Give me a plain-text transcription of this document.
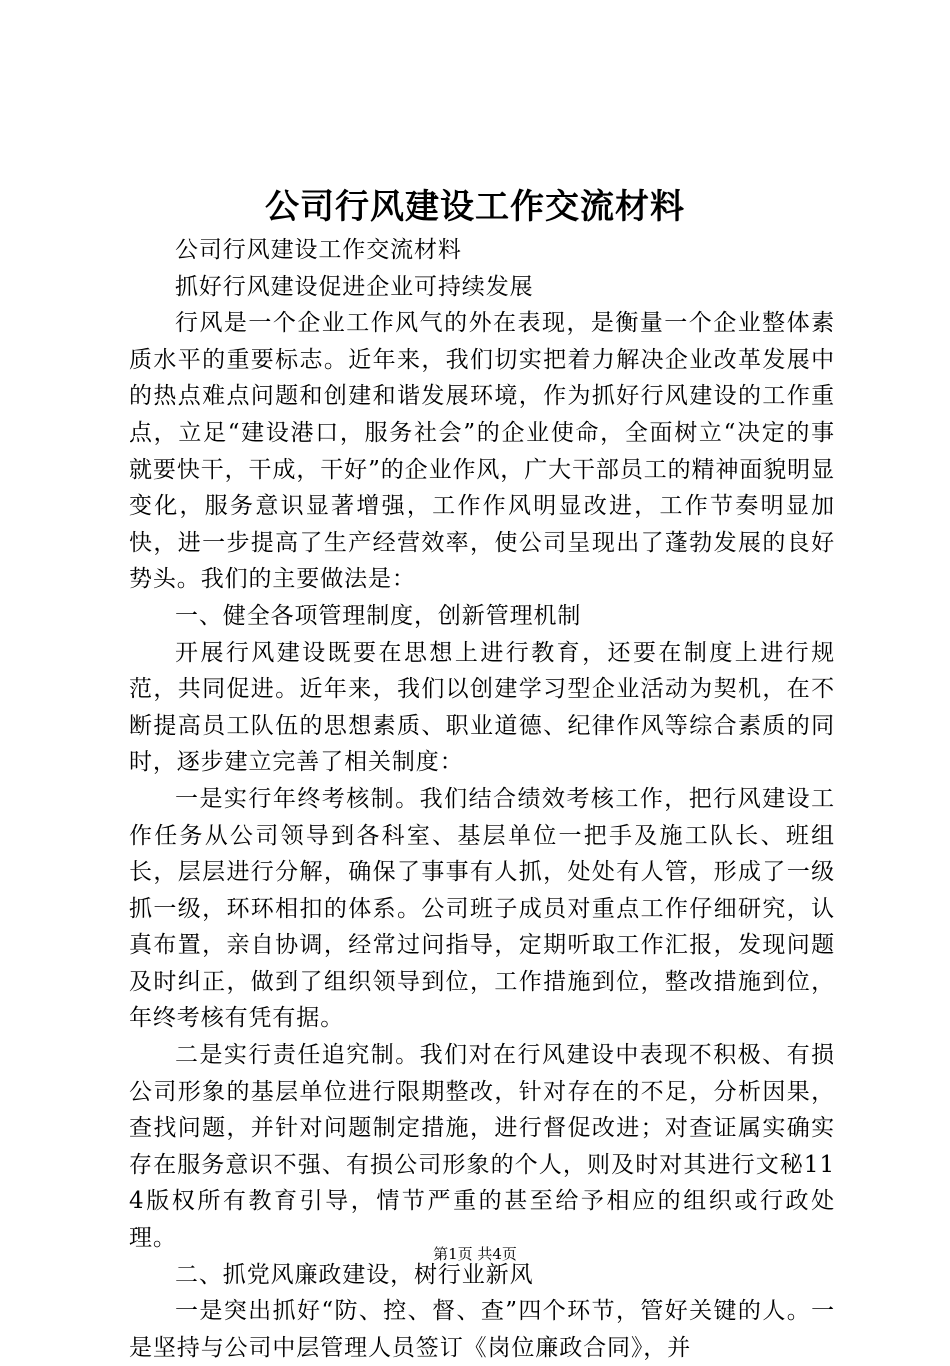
公司行风建设工作交流材料

公司行风建设工作交流材料

抓好行风建设促进企业可持续发展

行风是一个企业工作风气的外在表现，是衡量一个企业整体素质水平的重要标志。近年来，我们切实把着力解决企业改革发展中的热点难点问题和创建和谐发展环境，作为抓好行风建设的工作重点，立足“建设港口，服务社会”的企业使命，全面树立“决定的事就要快干，干成，干好”的企业作风，广大干部员工的精神面貌明显变化，服务意识显著增强，工作作风明显改进，工作节奏明显加快，进一步提高了生产经营效率，使公司呈现出了蓬勃发展的良好势头。我们的主要做法是：

一、健全各项管理制度，创新管理机制

开展行风建设既要在思想上进行教育，还要在制度上进行规范，共同促进。近年来，我们以创建学习型企业活动为契机，在不断提高员工队伍的思想素质、职业道德、纪律作风等综合素质的同时，逐步建立完善了相关制度：

一是实行年终考核制。我们结合绩效考核工作，把行风建设工作任务从公司领导到各科室、基层单位一把手及施工队长、班组长，层层进行分解，确保了事事有人抓，处处有人管，形成了一级抓一级，环环相扣的体系。公司班子成员对重点工作仔细研究，认真布置，亲自协调，经常过问指导，定期听取工作汇报，发现问题及时纠正，做到了组织领导到位，工作措施到位，整改措施到位，年终考核有凭有据。

二是实行责任追究制。我们对在行风建设中表现不积极、有损公司形象的基层单位进行限期整改，针对存在的不足，分析因果，查找问题，并针对问题制定措施，进行督促改进；对查证属实确实存在服务意识不强、有损公司形象的个人，则及时对其进行文秘114版权所有教育引导，情节严重的甚至给予相应的组织或行政处理。

二、抓党风廉政建设，树行业新风

一是突出抓好“防、控、督、查”四个环节，管好关键的人。一是坚持与公司中层管理人员签订《岗位廉政合同》，并

第1页 共4页
